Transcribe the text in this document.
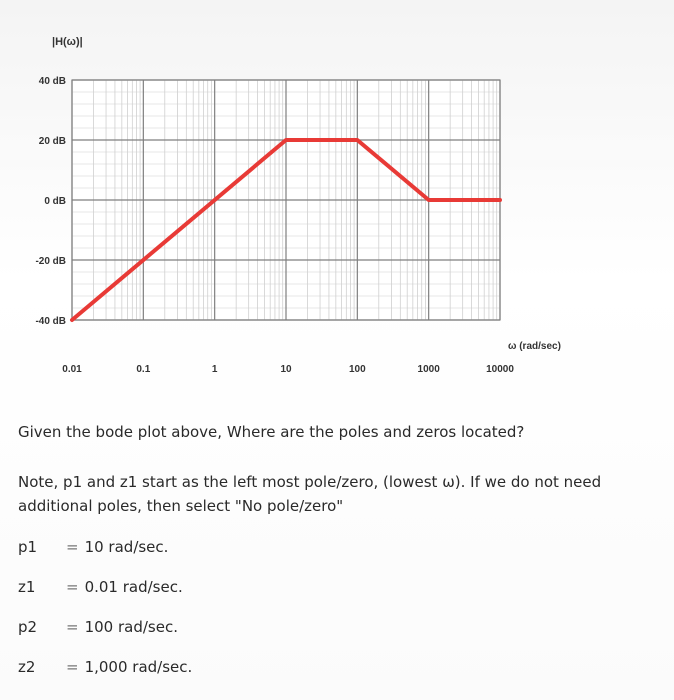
|H(ω)|
40 dB
20 dB
0 dB
-20 dB
-40 dB
0.01	0.1	1	10	100	1000	10000
ω (rad/sec)
Given the bode plot above, Where are the poles and zeros located?
Note, p1 and z1 start as the left most pole/zero, (lowest ω). If we do not need additional poles, then select "No pole/zero"
p1 = 10 rad/sec.
z1 = 0.01 rad/sec.
p2 = 100 rad/sec.
z2 = 1,000 rad/sec.
